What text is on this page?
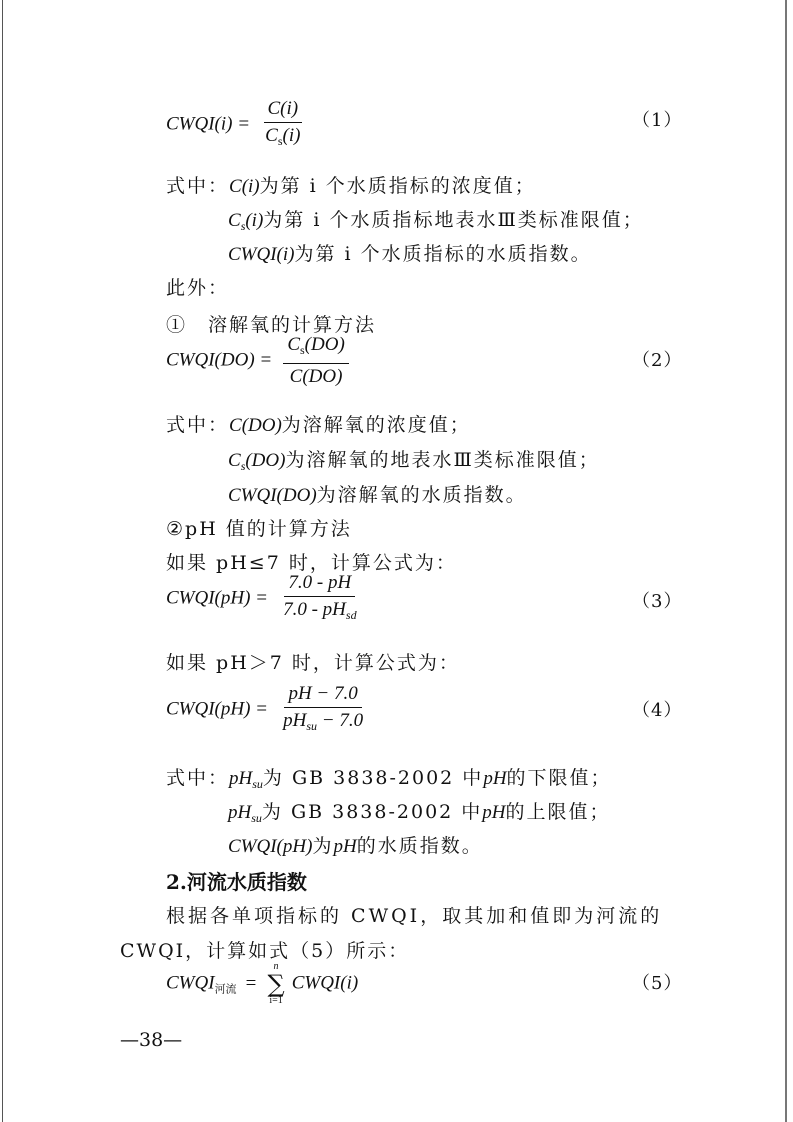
CWQI(i) = $\frac{C(i)}{C_s(i)}$	（1）
式中：C(i)为第 i 个水质指标的浓度值；
$C_s(i)$为第 i 个水质指标地表水Ⅲ类标准限值；
CWQI(i)为第 i 个水质指标的水质指数。
此外：
①　溶解氧的计算方法
CWQI(DO) = $\frac{C_s(DO)}{C(DO)}$	（2）
式中：C(DO)为溶解氧的浓度值；
$C_s(DO)$为溶解氧的地表水Ⅲ类标准限值；
CWQI(DO)为溶解氧的水质指数。
②pH 值的计算方法
如果 pH≤7 时，计算公式为：
CWQI(pH) = $\frac{7.0 - pH}{7.0 - pH_{sd}}$	（3）
如果 pH＞7 时，计算公式为：
CWQI(pH) = $\frac{pH - 7.0}{pH_{su} - 7.0}$	（4）
式中：$pH_{su}$为 GB 3838-2002 中pH的下限值；
$pH_{su}$为 GB 3838-2002 中pH的上限值；
CWQI(pH)为pH的水质指数。
2.河流水质指数
根据各单项指标的 CWQI，取其加和值即为河流的
CWQI，计算如式（5）所示：
$CWQI_{河流}$ =
n
∑
i=1
CWQI(i)	（5）
—38—
